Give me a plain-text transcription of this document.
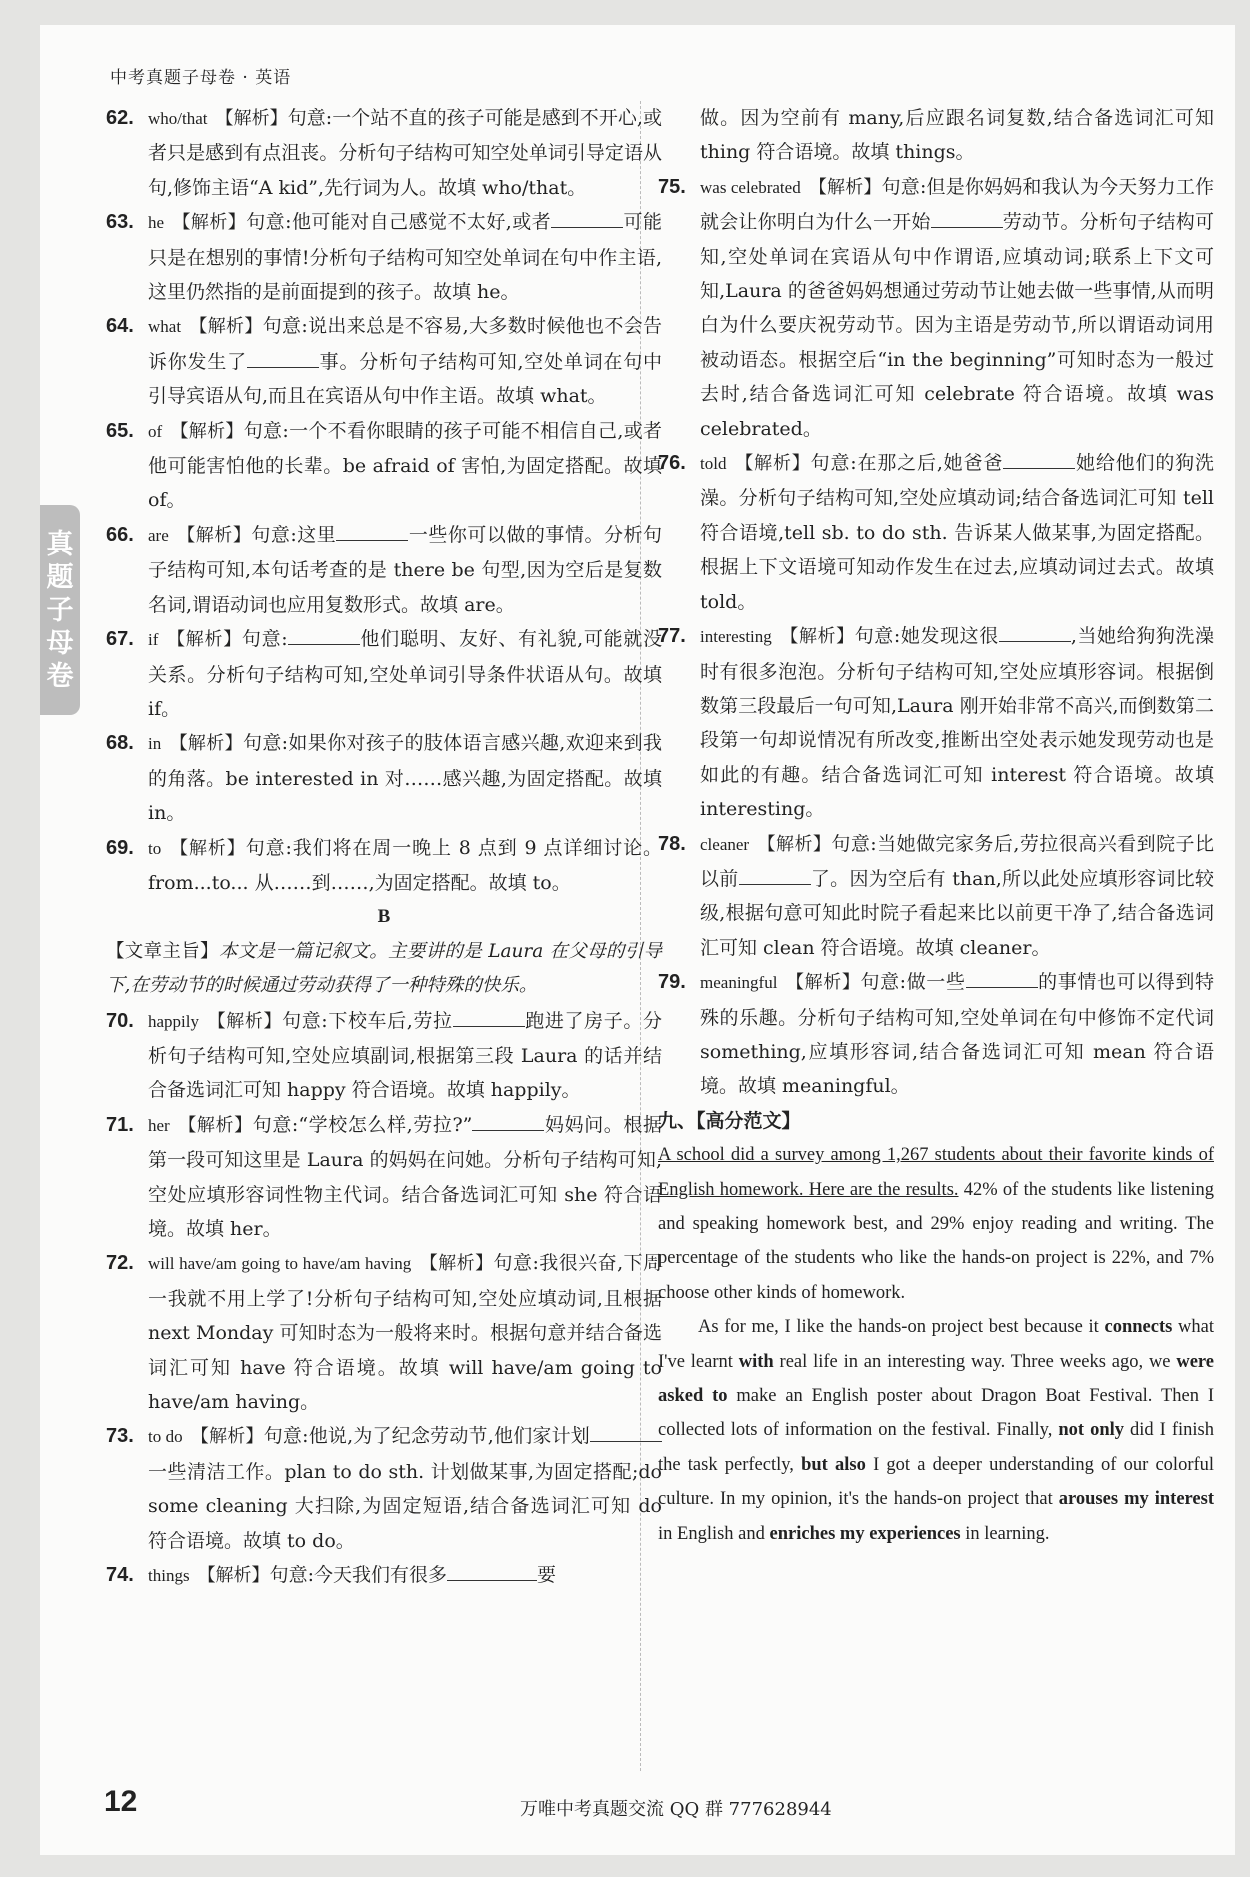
中考真题子母卷 · 英语
真
题
子
母
卷
62. who/that 【解析】句意:一个站不直的孩子可能是感到不开心,或者只是感到有点沮丧。分析句子结构可知空处单词引导定语从句,修饰主语“A kid”,先行词为人。故填 who/that。
63. he 【解析】句意:他可能对自己感觉不太好,或者	可能只是在想别的事情!分析句子结构可知空处单词在句中作主语,这里仍然指的是前面提到的孩子。故填 he。
64. what 【解析】句意:说出来总是不容易,大多数时候他也不会告诉你发生了	事。分析句子结构可知,空处单词在句中引导宾语从句,而且在宾语从句中作主语。故填 what。
65. of 【解析】句意:一个不看你眼睛的孩子可能不相信自己,或者他可能害怕他的长辈。be afraid of 害怕,为固定搭配。故填 of。
66. are 【解析】句意:这里	一些你可以做的事情。分析句子结构可知,本句话考查的是 there be 句型,因为空后是复数名词,谓语动词也应用复数形式。故填 are。
67. if 【解析】句意:	他们聪明、友好、有礼貌,可能就没关系。分析句子结构可知,空处单词引导条件状语从句。故填 if。
68. in 【解析】句意:如果你对孩子的肢体语言感兴趣,欢迎来到我的角落。be interested in 对……感兴趣,为固定搭配。故填 in。
69. to 【解析】句意:我们将在周一晚上 8 点到 9 点详细讨论。from...to... 从……到……,为固定搭配。故填 to。

B

【文章主旨】本文是一篇记叙文。主要讲的是 Laura 在父母的引导下,在劳动节的时候通过劳动获得了一种特殊的快乐。

70. happily 【解析】句意:下校车后,劳拉	跑进了房子。分析句子结构可知,空处应填副词,根据第三段 Laura 的话并结合备选词汇可知 happy 符合语境。故填 happily。
71. her 【解析】句意:“学校怎么样,劳拉?”	妈妈问。根据第一段可知这里是 Laura 的妈妈在问她。分析句子结构可知,空处应填形容词性物主代词。结合备选词汇可知 she 符合语境。故填 her。
72. will have/am going to have/am having 【解析】句意:我很兴奋,下周一我就不用上学了!分析句子结构可知,空处应填动词,且根据 next Monday 可知时态为一般将来时。根据句意并结合备选词汇可知 have 符合语境。故填 will have/am going to have/am having。
73. to do 【解析】句意:他说,为了纪念劳动节,他们家计划一些清洁工作。plan to do sth. 计划做某事,为固定搭配;do some cleaning 大扫除,为固定短语,结合备选词汇可知 do 符合语境。故填 to do。
74. things 【解析】句意:今天我们有很多	要

做。因为空前有 many,后应跟名词复数,结合备选词汇可知 thing 符合语境。故填 things。

75. was celebrated 【解析】句意:但是你妈妈和我认为今天努力工作就会让你明白为什么一开始	劳动节。分析句子结构可知,空处单词在宾语从句中作谓语,应填动词;联系上下文可知,Laura 的爸爸妈妈想通过劳动节让她去做一些事情,从而明白为什么要庆祝劳动节。因为主语是劳动节,所以谓语动词用被动语态。根据空后“in the beginning”可知时态为一般过去时,结合备选词汇可知 celebrate 符合语境。故填 was celebrated。
76. told 【解析】句意:在那之后,她爸爸	她给他们的狗洗澡。分析句子结构可知,空处应填动词;结合备选词汇可知 tell 符合语境,tell sb. to do sth. 告诉某人做某事,为固定搭配。根据上下文语境可知动作发生在过去,应填动词过去式。故填 told。
77. interesting 【解析】句意:她发现这很	,当她给狗狗洗澡时有很多泡泡。分析句子结构可知,空处应填形容词。根据倒数第三段最后一句可知,Laura 刚开始非常不高兴,而倒数第二段第一句却说情况有所改变,推断出空处表示她发现劳动也是如此的有趣。结合备选词汇可知 interest 符合语境。故填 interesting。
78. cleaner 【解析】句意:当她做完家务后,劳拉很高兴看到院子比以前	了。因为空后有 than,所以此处应填形容词比较级,根据句意可知此时院子看起来比以前更干净了,结合备选词汇可知 clean 符合语境。故填 cleaner。
79. meaningful 【解析】句意:做一些	的事情也可以得到特殊的乐趣。分析句子结构可知,空处单词在句中修饰不定代词 something,应填形容词,结合备选词汇可知 mean 符合语境。故填 meaningful。

九、【高分范文】

A school did a survey among 1,267 students about their favorite kinds of English homework. Here are the results. 42% of the students like listening and speaking homework best, and 29% enjoy reading and writing. The percentage of the students who like the hands-on project is 22%, and 7% choose other kinds of homework.

As for me, I like the hands-on project best because it connects what I've learnt with real life in an interesting way. Three weeks ago, we were asked to make an English poster about Dragon Boat Festival. Then I collected lots of information on the festival. Finally, not only did I finish the task perfectly, but also I got a deeper understanding of our colorful culture. In my opinion, it's the hands-on project that arouses my interest in English and enriches my experiences in learning.

12	万唯中考真题交流 QQ 群 777628944
